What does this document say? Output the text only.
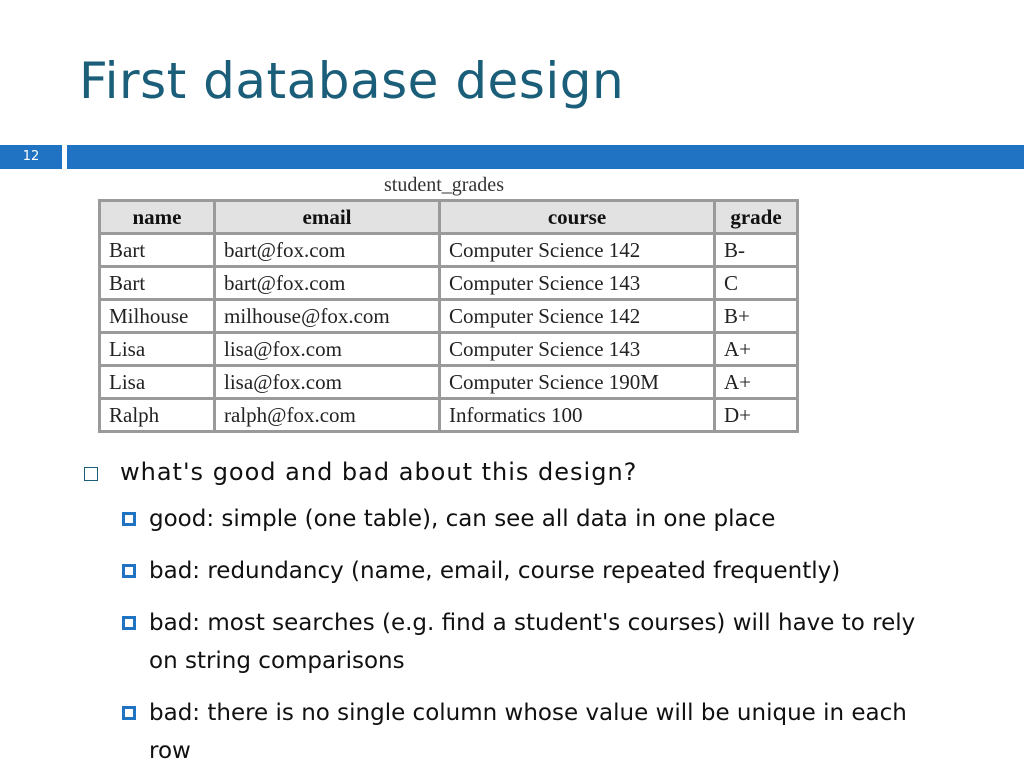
First database design
12
student_grades
name	email	course	grade
Bart	bart@fox.com	Computer Science 142	B-
Bart	bart@fox.com	Computer Science 143	C
Milhouse	milhouse@fox.com	Computer Science 142	B+
Lisa	lisa@fox.com	Computer Science 143	A+
Lisa	lisa@fox.com	Computer Science 190M	A+
Ralph	ralph@fox.com	Informatics 100	D+
what's good and bad about this design?
good: simple (one table), can see all data in one place
bad: redundancy (name, email, course repeated frequently)
bad: most searches (e.g. find a student's courses) will have to rely on string comparisons
bad: there is no single column whose value will be unique in each row
